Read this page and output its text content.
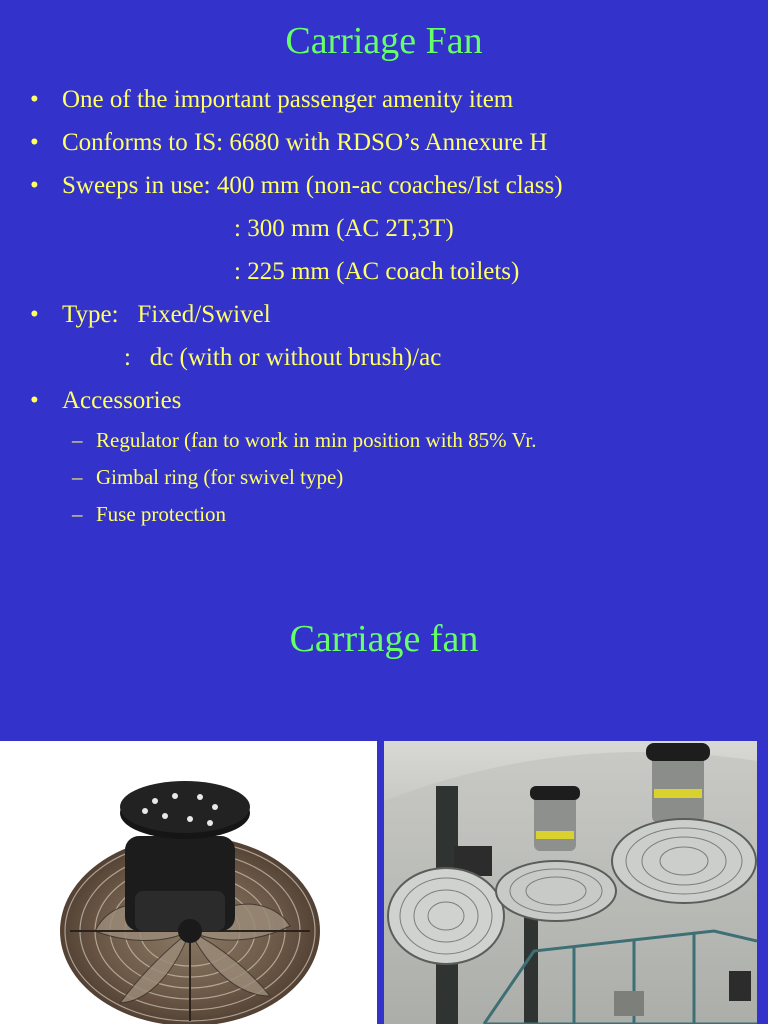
Carriage Fan
• One of the important passenger amenity item
• Conforms to IS: 6680 with RDSO’s Annexure H
• Sweeps in use: 400 mm (non-ac coaches/Ist class)
: 300 mm (AC 2T,3T)
: 225 mm (AC coach toilets)
• Type:   Fixed/Swivel
:   dc (with or without brush)/ac
• Accessories
– Regulator (fan to work in min position with 85% Vr.
– Gimbal ring (for swivel type)
– Fuse protection
Carriage fan
